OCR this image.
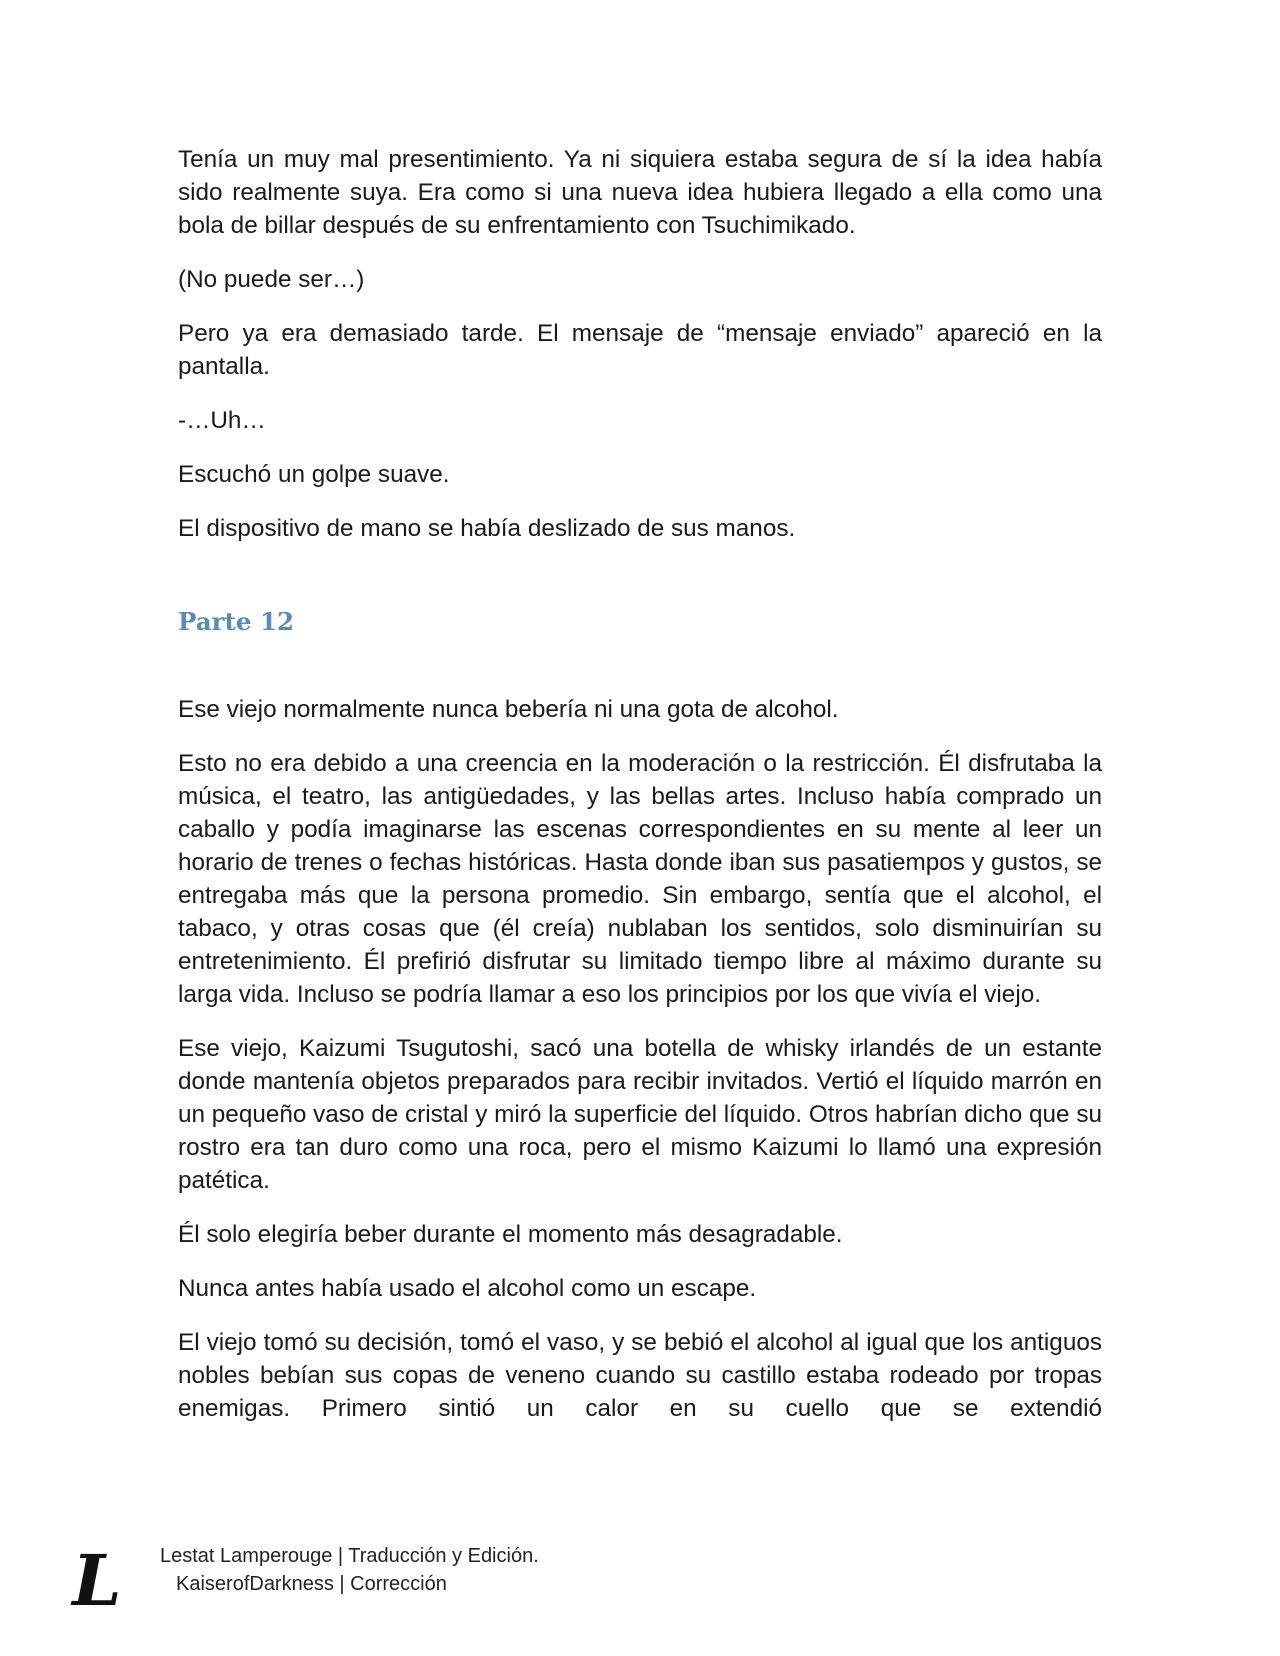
Tenía un muy mal presentimiento. Ya ni siquiera estaba segura de sí la idea había sido realmente suya. Era como si una nueva idea hubiera llegado a ella como una bola de billar después de su enfrentamiento con Tsuchimikado.

(No puede ser…)

Pero ya era demasiado tarde. El mensaje de “mensaje enviado” apareció en la pantalla.

-…Uh…

Escuchó un golpe suave.

El dispositivo de mano se había deslizado de sus manos.

Parte 12

Ese viejo normalmente nunca bebería ni una gota de alcohol.

Esto no era debido a una creencia en la moderación o la restricción. Él disfrutaba la música, el teatro, las antigüedades, y las bellas artes. Incluso había comprado un caballo y podía imaginarse las escenas correspondientes en su mente al leer un horario de trenes o fechas históricas. Hasta donde iban sus pasatiempos y gustos, se entregaba más que la persona promedio. Sin embargo, sentía que el alcohol, el tabaco, y otras cosas que (él creía) nublaban los sentidos, solo disminuirían su entretenimiento. Él prefirió disfrutar su limitado tiempo libre al máximo durante su larga vida. Incluso se podría llamar a eso los principios por los que vivía el viejo.

Ese viejo, Kaizumi Tsugutoshi, sacó una botella de whisky irlandés de un estante donde mantenía objetos preparados para recibir invitados. Vertió el líquido marrón en un pequeño vaso de cristal y miró la superficie del líquido. Otros habrían dicho que su rostro era tan duro como una roca, pero el mismo Kaizumi lo llamó una expresión patética.

Él solo elegiría beber durante el momento más desagradable.

Nunca antes había usado el alcohol como un escape.

El viejo tomó su decisión, tomó el vaso, y se bebió el alcohol al igual que los antiguos nobles bebían sus copas de veneno cuando su castillo estaba rodeado por tropas enemigas. Primero sintió un calor en su cuello que se extendió

L Lestat Lamperouge | Traducción y Edición.
KaiserofDarkness | Corrección
